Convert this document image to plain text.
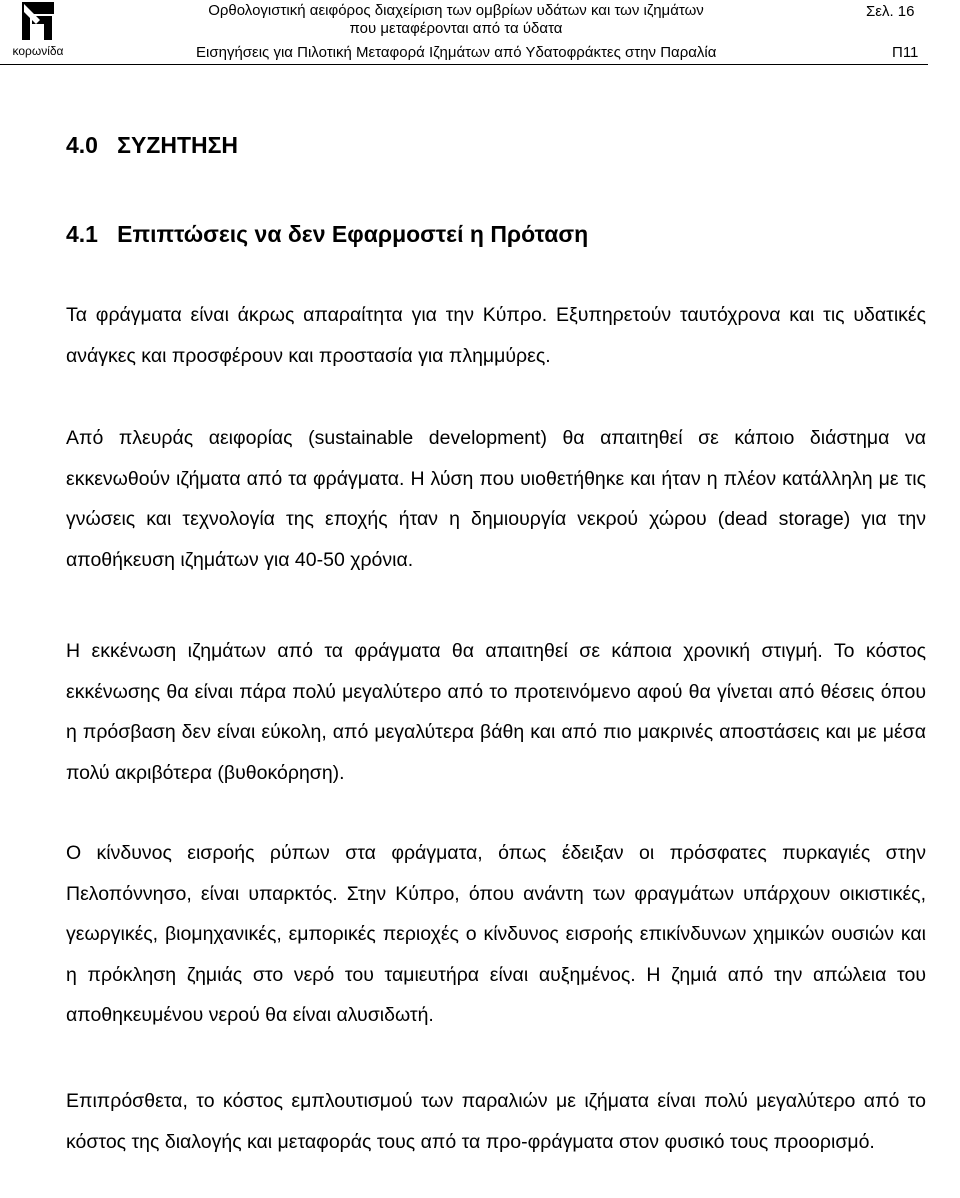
κορωνίδα
Ορθολογιστική αειφόρος διαχείριση των ομβρίων υδάτων και των ιζημάτων που μεταφέρονται από τα ύδατα
Σελ. 16
Εισηγήσεις για Πιλοτική Μεταφορά Ιζημάτων από Υδατοφράκτες στην Παραλία	Π11
4.0   ΣΥΖΗΤΗΣΗ
4.1   Επιπτώσεις να δεν Εφαρμοστεί η Πρόταση
Τα φράγματα είναι άκρως απαραίτητα για την Κύπρο. Εξυπηρετούν ταυτόχρονα και τις υδατικές ανάγκες και προσφέρουν και προστασία για πλημμύρες.
Από πλευράς αειφορίας (sustainable development) θα απαιτηθεί σε κάποιο διάστημα να εκκενωθούν ιζήματα από τα φράγματα. Η λύση που υιοθετήθηκε και ήταν η πλέον κατάλληλη με τις γνώσεις και τεχνολογία της εποχής ήταν η δημιουργία νεκρού χώρου (dead storage) για την αποθήκευση ιζημάτων για 40-50 χρόνια.
Η εκκένωση ιζημάτων από τα φράγματα θα απαιτηθεί σε κάποια χρονική στιγμή. Το κόστος εκκένωσης θα είναι πάρα πολύ μεγαλύτερο από το προτεινόμενο αφού θα γίνεται από θέσεις όπου η πρόσβαση δεν είναι εύκολη, από μεγαλύτερα βάθη και από πιο μακρινές αποστάσεις και με μέσα πολύ ακριβότερα (βυθοκόρηση).
Ο κίνδυνος εισροής ρύπων στα φράγματα, όπως έδειξαν οι πρόσφατες πυρκαγιές στην Πελοπόννησο, είναι υπαρκτός. Στην Κύπρο, όπου ανάντη των φραγμάτων υπάρχουν οικιστικές, γεωργικές, βιομηχανικές, εμπορικές περιοχές ο κίνδυνος εισροής επικίνδυνων χημικών ουσιών και η πρόκληση ζημιάς στο νερό του ταμιευτήρα είναι αυξημένος. Η ζημιά από την απώλεια του αποθηκευμένου νερού θα είναι αλυσιδωτή.
Επιπρόσθετα, το κόστος εμπλουτισμού των παραλιών με ιζήματα είναι πολύ μεγαλύτερο από το κόστος της διαλογής και μεταφοράς τους από τα προ-φράγματα στον φυσικό τους προορισμό.
